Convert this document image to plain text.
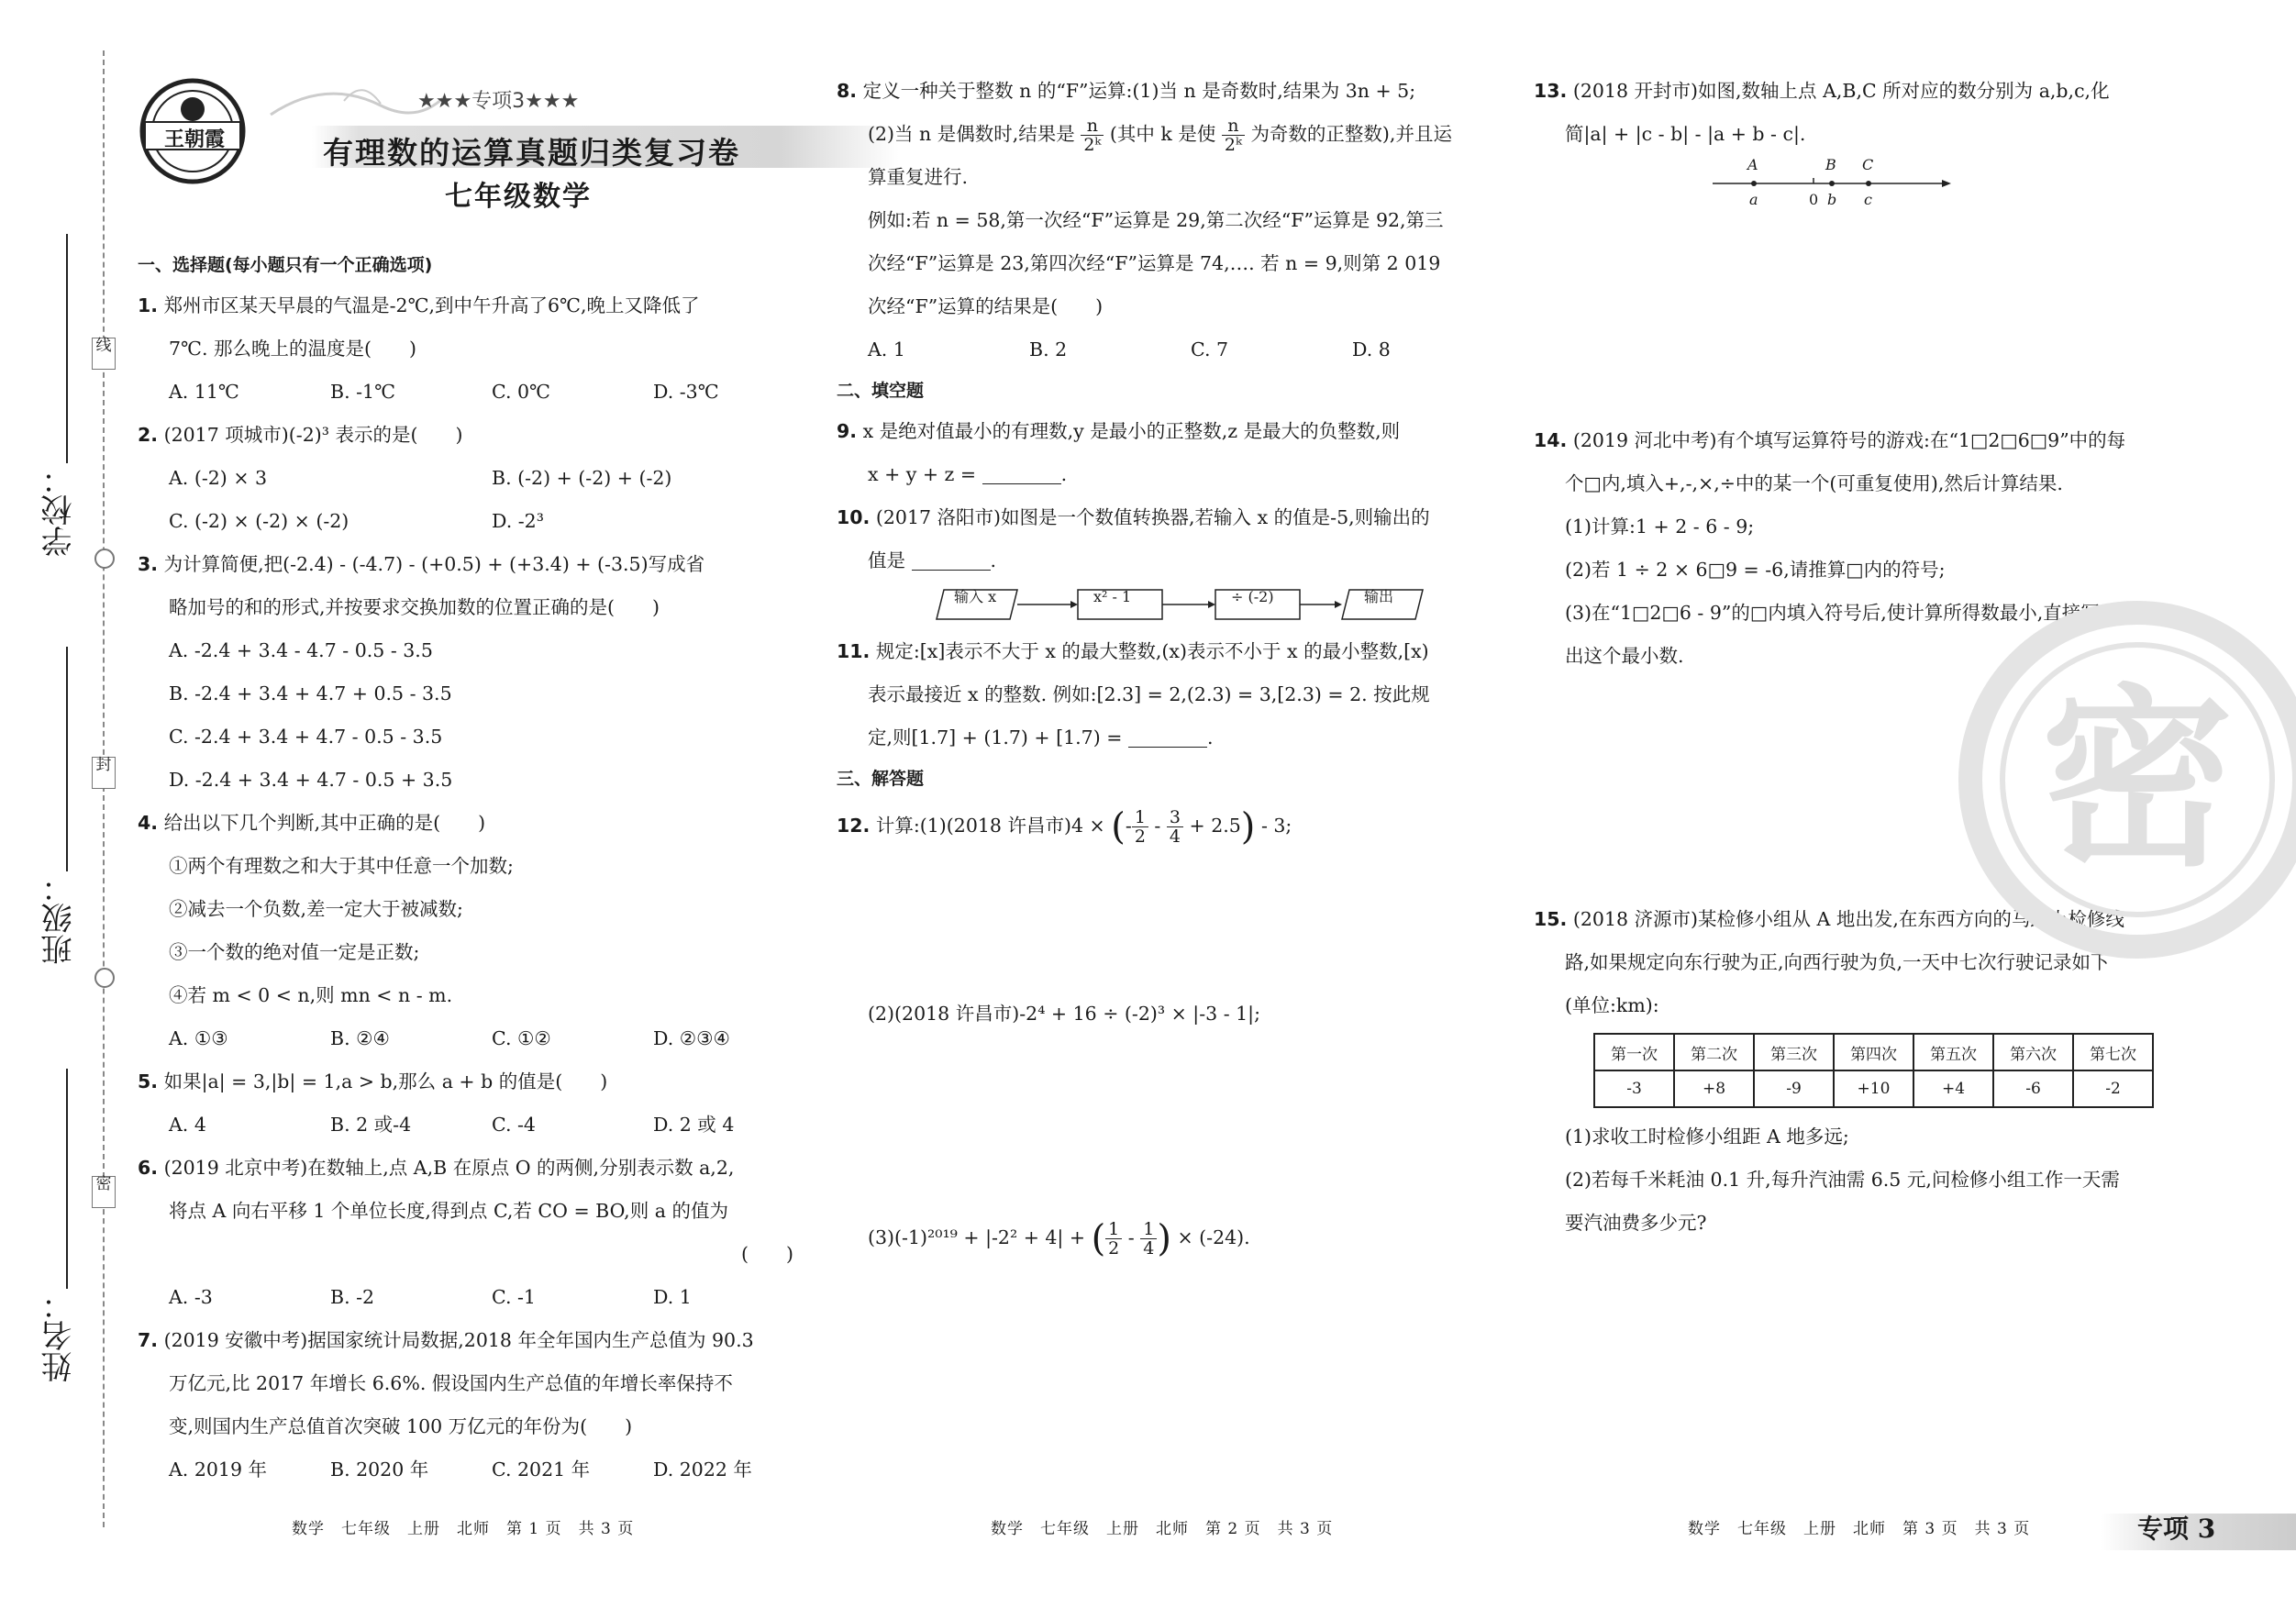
线
封
密
学校：
班级：
姓名：
王朝霞
★★★专项3★★★
有理数的运算真题归类复习卷
七年级数学
一、选择题(每小题只有一个正确选项)
1. 郑州市区某天早晨的气温是-2℃,到中午升高了6℃,晚上又降低了
7℃. 那么晚上的温度是(　　)
A. 11℃	B. -1℃	C. 0℃	D. -3℃
2. (2017 项城市)(-2)³ 表示的是(　　)
A. (-2) × 3	B. (-2) + (-2) + (-2)
C. (-2) × (-2) × (-2)	D. -2³
3. 为计算简便,把(-2.4) - (-4.7) - (+0.5) + (+3.4) + (-3.5)写成省
略加号的和的形式,并按要求交换加数的位置正确的是(　　)
A. -2.4 + 3.4 - 4.7 - 0.5 - 3.5
B. -2.4 + 3.4 + 4.7 + 0.5 - 3.5
C. -2.4 + 3.4 + 4.7 - 0.5 - 3.5
D. -2.4 + 3.4 + 4.7 - 0.5 + 3.5
4. 给出以下几个判断,其中正确的是(　　)
①两个有理数之和大于其中任意一个加数;
②减去一个负数,差一定大于被减数;
③一个数的绝对值一定是正数;
④若 m < 0 < n,则 mn < n - m.
A. ①③	B. ②④	C. ①②	D. ②③④
5. 如果|a| = 3,|b| = 1,a > b,那么 a + b 的值是(　　)
A. 4	B. 2 或-4	C. -4	D. 2 或 4
6. (2019 北京中考)在数轴上,点 A,B 在原点 O 的两侧,分别表示数 a,2,
将点 A 向右平移 1 个单位长度,得到点 C,若 CO = BO,则 a 的值为
(　　)
A. -3	B. -2	C. -1	D. 1
7. (2019 安徽中考)据国家统计局数据,2018 年全年国内生产总值为 90.3
万亿元,比 2017 年增长 6.6%. 假设国内生产总值的年增长率保持不
变,则国内生产总值首次突破 100 万亿元的年份为(　　)
A. 2019 年	B. 2020 年	C. 2021 年	D. 2022 年
8. 定义一种关于整数 n 的“F”运算:(1)当 n 是奇数时,结果为 3n + 5;
(2)当 n 是偶数时,结果是 $\frac{n}{\text{2ᵏ}}$ (其中 k 是使 $\frac{n}{\text{2ᵏ}}$ 为奇数的正整数),并且运
算重复进行.
例如:若 n = 58,第一次经“F”运算是 29,第二次经“F”运算是 92,第三
次经“F”运算是 23,第四次经“F”运算是 74,…. 若 n = 9,则第 2 019
次经“F”运算的结果是(　　)
A. 1	B. 2	C. 7	D. 8
二、填空题
9. x 是绝对值最小的有理数,y 是最小的正整数,z 是最大的负整数,则
x + y + z =	.
10. (2017 洛阳市)如图是一个数值转换器,若输入 x 的值是-5,则输出的
值是	.
输入 x	x² - 1	÷ (-2)	输出
11. 规定:[x]表示不大于 x 的最大整数,(x)表示不小于 x 的最小整数,[x)
表示最接近 x 的整数. 例如:[2.3] = 2,(2.3) = 3,[2.3) = 2. 按此规
定,则[1.7] + (1.7) + [1.7) =	.
三、解答题
12. 计算:(1)(2018 许昌市)4 × (- $\frac{1}{2} - \frac{3}{4} + 2.5) - 3$;
(2)(2018 许昌市)-2⁴ + 16 ÷ (-2)³ × |-3 - 1|;
(3)(-1)²⁰¹⁹ + |-2² + 4| + ( $\frac{1}{2} - \frac{1}{4}$ ) × (-24).
13. (2018 开封市)如图,数轴上点 A,B,C 所对应的数分别为 a,b,c,化
简|a| + |c - b| - |a + b - c|.
A	B C
a	0 b c
14. (2019 河北中考)有个填写运算符号的游戏:在“1□2□6□9”中的每
个□内,填入+,-,×,÷中的某一个(可重复使用),然后计算结果.
(1)计算:1 + 2 - 6 - 9;
(2)若 1 ÷ 2 × 6□9 = -6,请推算□内的符号;
(3)在“1□2□6 - 9”的□内填入符号后,使计算所得数最小,直接写
出这个最小数.
15. (2018 济源市)某检修小组从 A 地出发,在东西方向的马路上检修线
路,如果规定向东行驶为正,向西行驶为负,一天中七次行驶记录如下
(单位:km):
第一次	第二次	第三次	第四次	第五次	第六次	第七次
-3	+8	-9	+10	+4	-6	-2
(1)求收工时检修小组距 A 地多远;
(2)若每千米耗油 0.1 升,每升汽油需 6.5 元,问检修小组工作一天需
要汽油费多少元?
密
数学　七年级　上册　北师　第 1 页　共 3 页	数学　七年级　上册　北师　第 2 页　共 3 页	数学　七年级　上册　北师　第 3 页　共 3 页	专项 3
